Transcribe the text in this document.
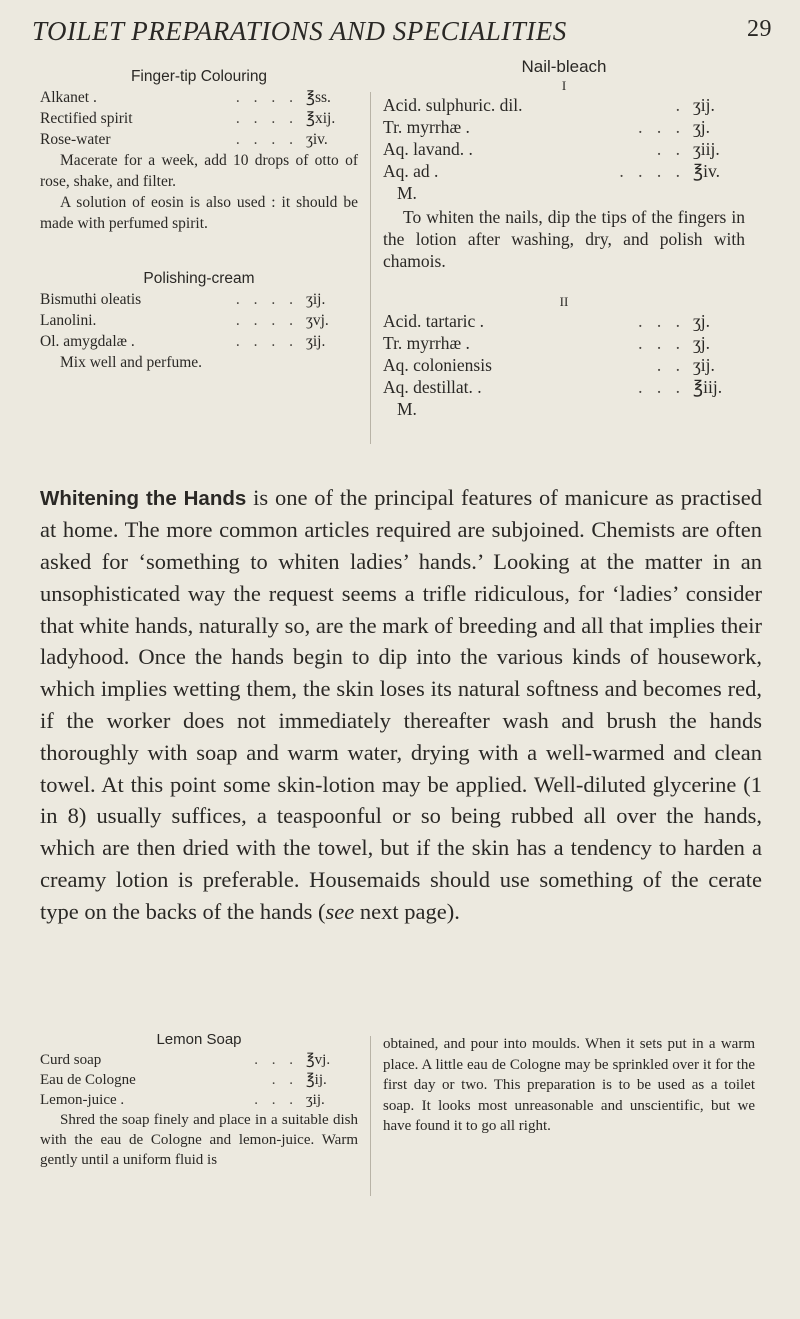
TOILET PREPARATIONS AND SPECIALITIES	29
Finger-tip Colouring
Alkanet .	. . . . ℥ss.
Rectified spirit	. . . . ℥xij.
Rose-water	. . . . ʒiv.

Macerate for a week, add 10 drops of otto of rose, shake, and filter.

A solution of eosin is also used : it should be made with perfumed spirit.

Polishing-cream
Bismuthi oleatis	. . . . ʒij.
Lanolini.	. . . . ʒvj.
Ol. amygdalæ .	. . . . ʒij.

Mix well and perfume.

Nail-bleach
I
Acid. sulphuric. dil.	. ʒij.
Tr. myrrhæ .	. . . ʒj.
Aq. lavand. .	. . ʒiij.
Aq. ad .	. . . . ℥iv.
M.

To whiten the nails, dip the tips of the fingers in the lotion after washing, dry, and polish with chamois.

II
Acid. tartaric .	. . . ʒj.
Tr. myrrhæ .	. . . ʒj.
Aq. coloniensis	. . ʒij.
Aq. destillat. .	. . . ℥iij.
M.

Whitening the Hands is one of the principal features of manicure as practised at home. The more common articles required are subjoined. Chemists are often asked for ‘something to whiten ladies’ hands.’ Looking at the matter in an unsophisticated way the request seems a trifle ridiculous, for ‘ladies’ consider that white hands, naturally so, are the mark of breeding and all that implies their ladyhood. Once the hands begin to dip into the various kinds of housework, which implies wetting them, the skin loses its natural softness and becomes red, if the worker does not immediately thereafter wash and brush the hands thoroughly with soap and warm water, drying with a well-warmed and clean towel. At this point some skin-lotion may be applied. Well-diluted glycerine (1 in 8) usually suffices, a teaspoonful or so being rubbed all over the hands, which are then dried with the towel, but if the skin has a tendency to harden a creamy lotion is preferable. Housemaids should use something of the cerate type on the backs of the hands (see next page).

Lemon Soap
Curd soap	. . . ℥vj.
Eau de Cologne	. . ℥ij.
Lemon-juice .	. . . ʒij.

Shred the soap finely and place in a suitable dish with the eau de Cologne and lemon-juice. Warm gently until a uniform fluid is

obtained, and pour into moulds. When it sets put in a warm place. A little eau de Cologne may be sprinkled over it for the first day or two. This preparation is to be used as a toilet soap. It looks most unreasonable and unscientific, but we have found it to go all right.
